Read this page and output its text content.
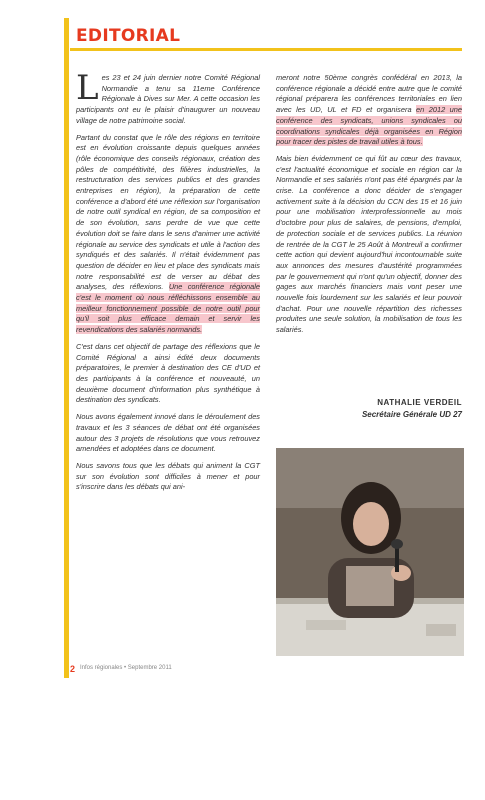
EDITORIAL

Les 23 et 24 juin dernier notre Comité Régional Normandie a tenu sa 11eme Conférence Régionale à Dives sur Mer. A cette occasion les participants ont eu le plaisir d'inaugurer un nouveau village de notre patrimoine social.

Partant du constat que le rôle des régions en territoire est en évolution croissante depuis quelques années (rôle économique des conseils régionaux, création des pôles de compétitivité, des filières industrielles, la restructuration des services publics et des grandes entreprises en région), la préparation de cette conférence a d'abord été une réflexion sur l'organisation de notre outil syndical en région, de sa composition et de son évolution, sans perdre de vue que cette évolution doit se faire dans le sens d'animer une activité régionale au service des syndicats et utile à l'action des syndiqués et des salariés. Il n'était évidemment pas question de décider en lieu et place des syndicats mais notre responsabilité est de verser au débat des analyses, des réflexions. Une conférence régionale c'est le moment où nous réfléchissons ensemble au meilleur fonctionnement possible de notre outil pour qu'il soit plus efficace demain et servir les revendications des salariés normands.

C'est dans cet objectif de partage des réflexions que le Comité Régional a ainsi édité deux documents préparatoires, le premier à destination des CE d'UD et des participants à la conférence et nouveauté, un deuxième document d'information plus synthétique à destination des syndicats.

Nous avons également innové dans le déroulement des travaux et les 3 séances de débat ont été organisées autour des 3 projets de résolutions que vous retrouvez amendées et adoptées dans ce document.

Nous savons tous que les débats qui animent la CGT sur son évolution sont difficiles à mener et pour s'inscrire dans les débats qui ani-

meront notre 50ème congrès confédéral en 2013, la conférence régionale a décidé entre autre que le comité régional préparera les conférences territoriales en lien avec les UD, UL et FD et organisera en 2012 une conférence des syndicats, unions syndicales ou coordinations syndicales déjà organisées en Région pour tracer des pistes de travail utiles à tous.

Mais bien évidemment ce qui fût au cœur des travaux, c'est l'actualité économique et sociale en région car la Normandie et ses salariés n'ont pas été épargnés par la crise. La conférence a donc décider de s'engager activement suite à la décision du CCN des 15 et 16 juin pour une mobilisation interprofessionnelle au mois d'octobre pour plus de salaires, de pensions, d'emploi, de protection sociale et de services publics. La réunion de rentrée de la CGT le 25 Août à Montreuil a confirmer cette action qui devient aujourd'hui incontournable suite aux annonces des mesures d'austérité programmées par le gouvernement qui n'ont qu'un objectif, donner des gages aux marchés financiers mais vont peser une nouvelle fois lourdement sur les salariés et leur pouvoir d'achat. Pour une nouvelle répartition des richesses produites une seule solution, la mobilisation de tous les salariés.

NATHALIE VERDEIL
Secrétaire Générale UD 27
2 Infos régionales • Septembre 2011
